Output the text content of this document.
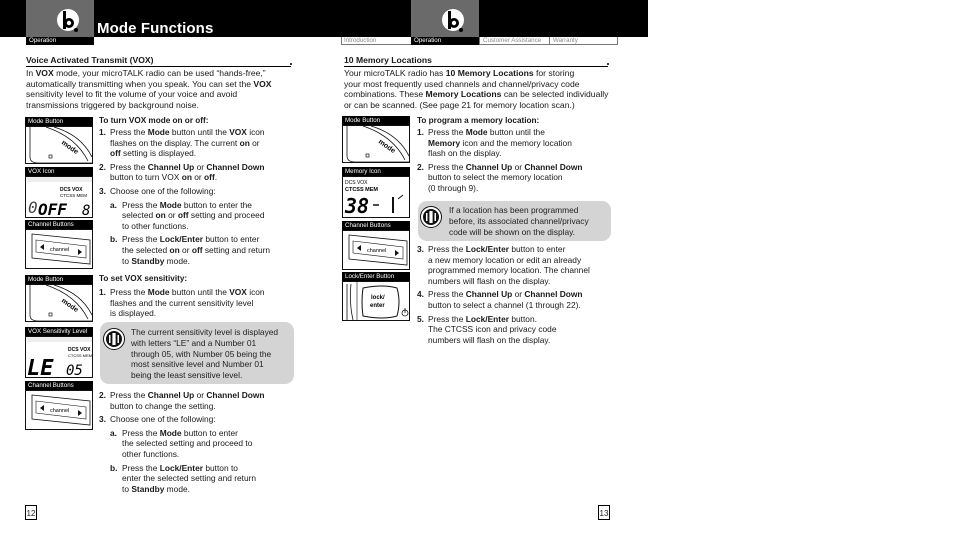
Operation
Mode Functions
Introduction	Operation	Customer Assistance	Warranty
Voice Activated Transmit (VOX)
In VOX mode, your microTALK radio can be used “hands-free,”
automatically transmitting when you speak. You can set the VOX
sensitivity level to fit the volume of your voice and avoid
transmissions triggered by background noise.
To turn VOX mode on or off:
1. Press the Mode button until the VOX icon
flashes on the display. The current on or
off setting is displayed.
2. Press the Channel Up or Channel Down
button to turn VOX on or off.
3. Choose one of the following:
a. Press the Mode button to enter the
selected on or off setting and proceed
to other functions.
b. Press the Lock/Enter button to enter
the selected on or off setting and return
to Standby mode.
To set VOX sensitivity:
1. Press the Mode button until the VOX icon
flashes and the current sensitivity level
is displayed.
The current sensitivity level is displayed
with letters “LE” and a Number 01
through 05, with Number 05 being the
most sensitive level and Number 01
being the least sensitive level.
2. Press the Channel Up or Channel Down
button to change the setting.
3. Choose one of the following:
a. Press the Mode button to enter
the selected setting and proceed to
other functions.
b. Press the Lock/Enter button to
enter the selected setting and return
to Standby mode.
Mode Button
mode
VOX Icon
DCS VOX
CTCSS MEM
0 OFF 8
Channel Buttons
channel
Mode Button
mode
VOX Sensitivity Level
DCS VOX
CTCSS MEM
LE 05
Channel Buttons
channel
12
10 Memory Locations
Your microTALK radio has 10 Memory Locations for storing
your most frequently used channels and channel/privacy code
combinations. These Memory Locations can be selected individually
or can be scanned. (See page 21 for memory location scan.)
To program a memory location:
1. Press the Mode button until the
Memory icon and the memory location
flash on the display.
2. Press the Channel Up or Channel Down
button to select the memory location
(0 through 9).
If a location has been programmed
before, its associated channel/privacy
code will be shown on the display.
3. Press the Lock/Enter button to enter
a new memory location or edit an already
programmed memory location. The channel
numbers will flash on the display.
4. Press the Channel Up or Channel Down
button to select a channel (1 through 22).
5. Press the Lock/Enter button.
The CTCSS icon and privacy code
numbers will flash on the display.
Mode Button
mode
Memory Icon
DCS VOX
CTCSS MEM
38
Channel Buttons
channel
Lock/Enter Button
lock/
enter
13
